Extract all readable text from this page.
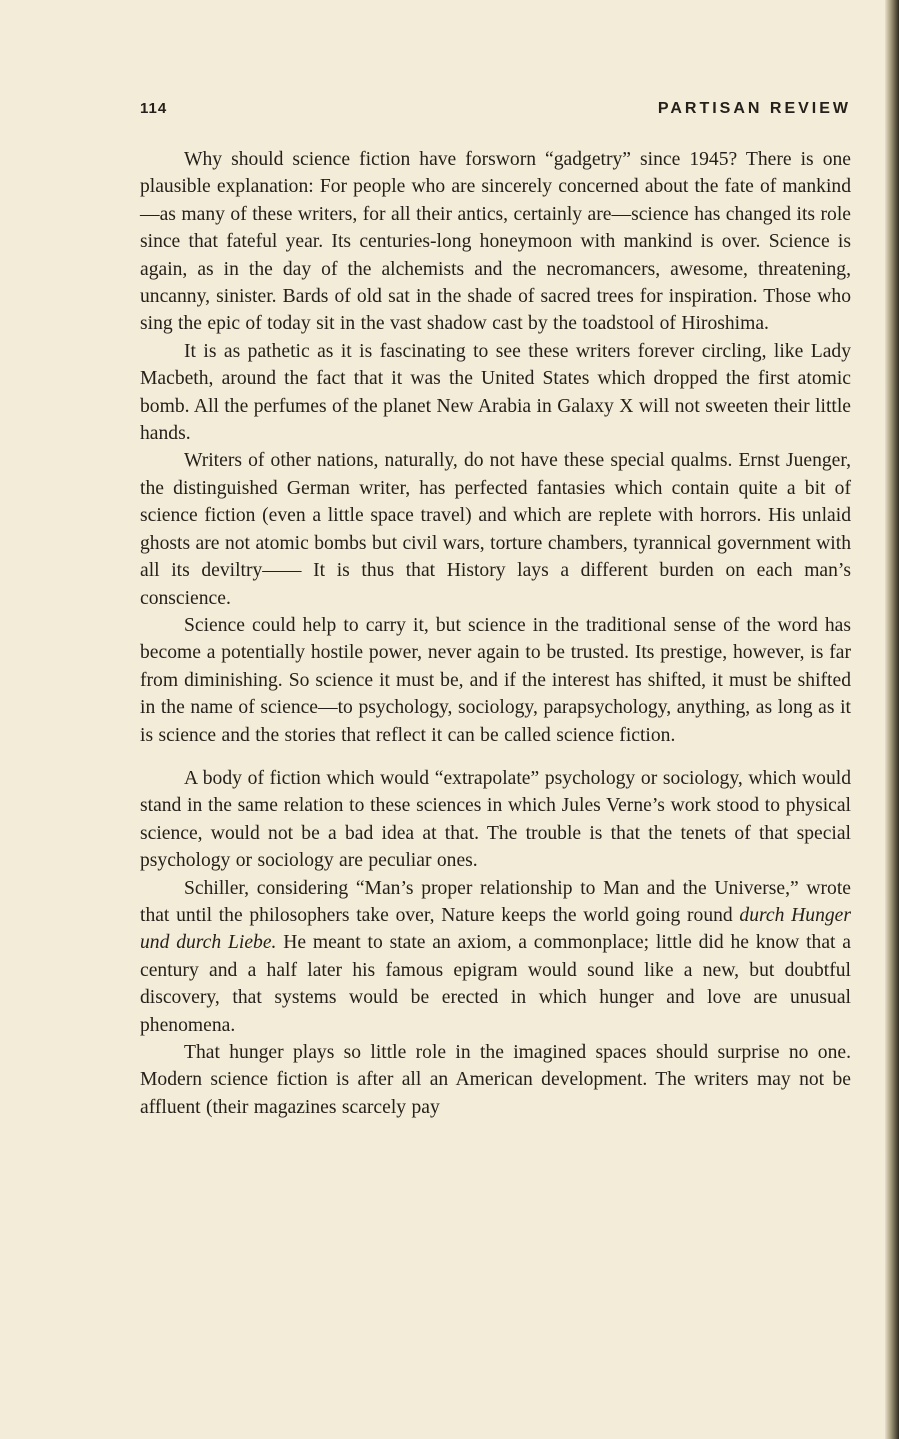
114	PARTISAN REVIEW

Why should science fiction have forsworn “gadgetry” since 1945? There is one plausible explanation: For people who are sincerely concerned about the fate of mankind—as many of these writers, for all their antics, certainly are—science has changed its role since that fateful year. Its centuries-long honeymoon with mankind is over. Science is again, as in the day of the alchemists and the necromancers, awesome, threatening, uncanny, sinister. Bards of old sat in the shade of sacred trees for inspiration. Those who sing the epic of today sit in the vast shadow cast by the toadstool of Hiroshima.

It is as pathetic as it is fascinating to see these writers forever circling, like Lady Macbeth, around the fact that it was the United States which dropped the first atomic bomb. All the perfumes of the planet New Arabia in Galaxy X will not sweeten their little hands.

Writers of other nations, naturally, do not have these special qualms. Ernst Juenger, the distinguished German writer, has perfected fantasies which contain quite a bit of science fiction (even a little space travel) and which are replete with horrors. His unlaid ghosts are not atomic bombs but civil wars, torture chambers, tyrannical government with all its deviltry—— It is thus that History lays a different burden on each man’s conscience.

Science could help to carry it, but science in the traditional sense of the word has become a potentially hostile power, never again to be trusted. Its prestige, however, is far from diminishing. So science it must be, and if the interest has shifted, it must be shifted in the name of science—to psychology, sociology, parapsychology, anything, as long as it is science and the stories that reflect it can be called science fiction.

A body of fiction which would “extrapolate” psychology or sociology, which would stand in the same relation to these sciences in which Jules Verne’s work stood to physical science, would not be a bad idea at that. The trouble is that the tenets of that special psychology or sociology are peculiar ones.

Schiller, considering “Man’s proper relationship to Man and the Universe,” wrote that until the philosophers take over, Nature keeps the world going round durch Hunger und durch Liebe. He meant to state an axiom, a commonplace; little did he know that a century and a half later his famous epigram would sound like a new, but doubtful discovery, that systems would be erected in which hunger and love are unusual phenomena.

That hunger plays so little role in the imagined spaces should surprise no one. Modern science fiction is after all an American development. The writers may not be affluent (their magazines scarcely pay
